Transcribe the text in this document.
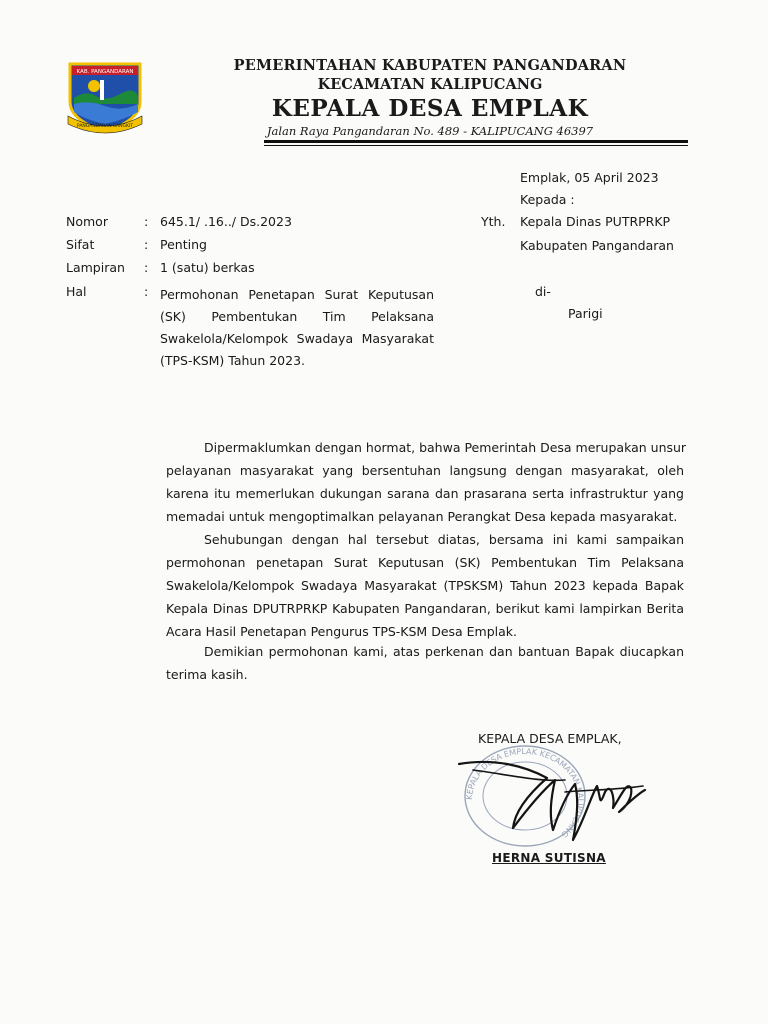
KAB. PANGANDARAN
PANGANDARAN BANGKIT
PEMERINTAHAN KABUPATEN PANGANDARAN
KECAMATAN KALIPUCANG
KEPALA DESA EMPLAK
Jalan Raya Pangandaran No. 489 - KALIPUCANG 46397
Emplak, 05 April 2023
Kepada :
Yth. Kepala Dinas PUTRPRKP
Kabupaten Pangandaran
di-
Parigi
Nomor	: 645.1/ .16../ Ds.2023
Sifat	: Penting
Lampiran : 1 (satu) berkas
Hal	: Permohonan Penetapan Surat Keputusan
(SK) Pembentukan Tim Pelaksana
Swakelola/Kelompok Swadaya Masyarakat
(TPS-KSM) Tahun 2023.
Dipermaklumkan dengan hormat, bahwa Pemerintah Desa merupakan unsur
pelayanan masyarakat yang bersentuhan langsung dengan masyarakat, oleh
karena itu memerlukan dukungan sarana dan prasarana serta infrastruktur yang
memadai untuk mengoptimalkan pelayanan Perangkat Desa kepada masyarakat.
Sehubungan dengan hal tersebut diatas, bersama ini kami sampaikan
permohonan penetapan Surat Keputusan (SK) Pembentukan Tim Pelaksana
Swakelola/Kelompok Swadaya Masyarakat (TPSKSM) Tahun 2023 kepada Bapak
Kepala Dinas DPUTRPRKP Kabupaten Pangandaran, berikut kami lampirkan Berita
Acara Hasil Penetapan Pengurus TPS-KSM Desa Emplak.
Demikian permohonan kami, atas perkenan dan bantuan Bapak diucapkan
terima kasih.
KEPALA DESA EMPLAK KECAMATAN KALIPUCANG
KEPALA DESA EMPLAK,
HERNA SUTISNA
